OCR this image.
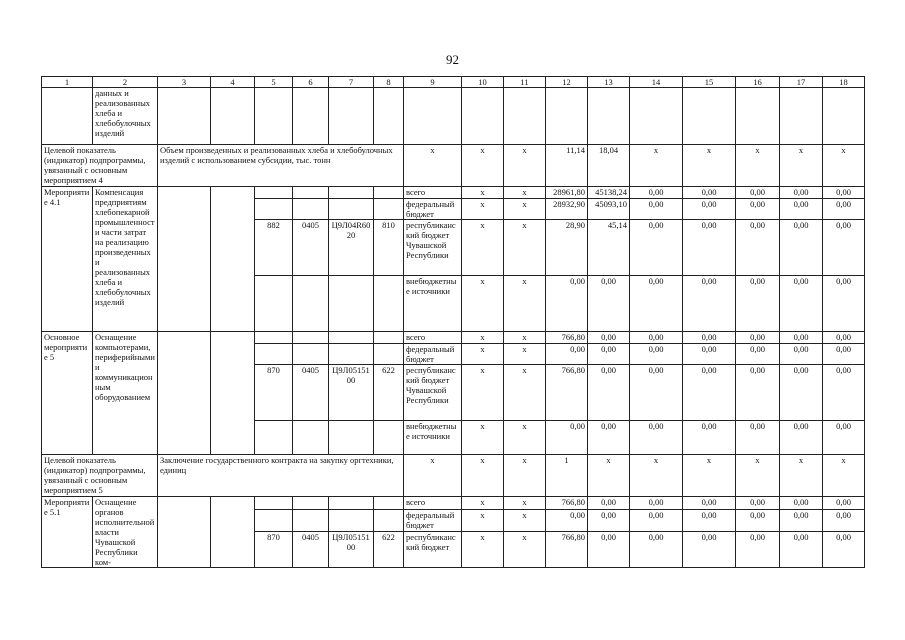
92
1	2	3	4	5	6	7	8	9	10	11	12	13	14	15	16	17	18
	данных и реализованных хлеба и хлебобулочных изделий																
Целевой показатель (индикатор) подпрограммы, увязанный с основным мероприятием 4		Объем произведенных и реализованных хлеба и хлебобулочных изделий с использованием субсидии, тыс. тонн						х	х	х	11,14	18,04	х	х	х	х	х
Мероприятие 4.1	Компенсация предприятиям хлебопекарной промышленности части затрат на реализацию произведенных и реализованных хлеба и хлебобулочных изделий							всего	х	х	28961,80	45138,24	0,00	0,00	0,00	0,00	0,00
								федеральный бюджет	х	х	28932,90	45093,10	0,00	0,00	0,00	0,00	0,00
				882	0405	Ц9Л04R6020	810	республиканский бюджет Чувашской Республики	х	х	28,90	45,14	0,00	0,00	0,00	0,00	0,00
								внебюджетные источники	х	х	0,00	0,00	0,00	0,00	0,00	0,00	0,00
Основное мероприятие 5	Оснащение компьютерами, периферийными и коммуникационным оборудованием							всего	х	х	766,80	0,00	0,00	0,00	0,00	0,00	0,00
								федеральный бюджет	х	х	0,00	0,00	0,00	0,00	0,00	0,00	0,00
				870	0405	Ц9Л0515100	622	республиканский бюджет Чувашской Республики	х	х	766,80	0,00	0,00	0,00	0,00	0,00	0,00
								внебюджетные источники	х	х	0,00	0,00	0,00	0,00	0,00	0,00	0,00
Целевой показатель (индикатор) подпрограммы, увязанный с основным мероприятием 5		Заключение государственного контракта на закупку оргтехники, единиц						х	х	х	1	х	х	х	х	х	х
Мероприятие 5.1	Оснащение органов исполнительной власти Чувашской Республики ком-							всего	х	х	766,80	0,00	0,00	0,00	0,00	0,00	0,00
								федеральный бюджет	х	х	0,00	0,00	0,00	0,00	0,00	0,00	0,00
				870	0405	Ц9Л0515100	622	республиканский бюджет	х	х	766,80	0,00	0,00	0,00	0,00	0,00	0,00
